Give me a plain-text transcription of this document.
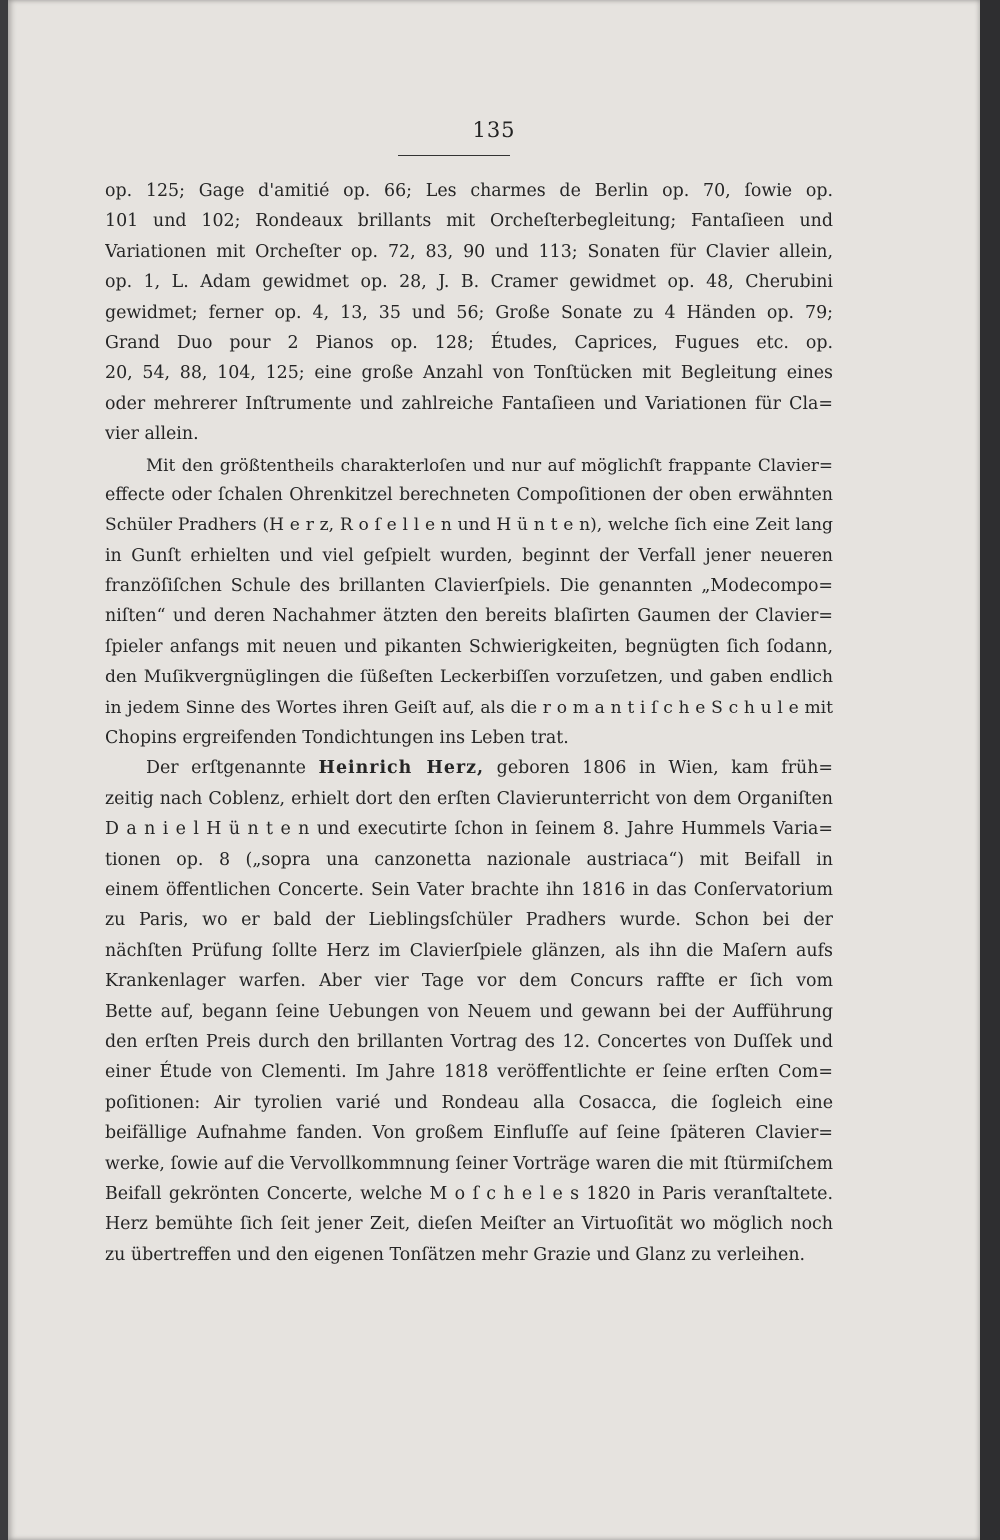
135
op. 125; Gage d'amitié op. 66; Les charmes de Berlin op. 70, ſowie op.
101 und 102; Rondeaux brillants mit Orcheſterbegleitung; Fantaſieen und
Variationen mit Orcheſter op. 72, 83, 90 und 113; Sonaten für Clavier allein,
op. 1, L. Adam gewidmet op. 28, J. B. Cramer gewidmet op. 48, Cherubini
gewidmet; ferner op. 4, 13, 35 und 56; Große Sonate zu 4 Händen op. 79;
Grand Duo pour 2 Pianos op. 128; Études, Caprices, Fugues etc. op.
20, 54, 88, 104, 125; eine große Anzahl von Tonſtücken mit Begleitung eines
oder mehrerer Inſtrumente und zahlreiche Fantaſieen und Variationen für Cla=
vier allein.
Mit den größtentheils charakterloſen und nur auf möglichſt frappante Clavier=
effecte oder ſchalen Ohrenkitzel berechneten Compoſitionen der oben erwähnten
Schüler Pradhers (H e r z, R o ſ e l l e n und H ü n t e n), welche ſich eine Zeit lang
in Gunſt erhielten und viel geſpielt wurden, beginnt der Verfall jener neueren
franzöſiſchen Schule des brillanten Clavierſpiels. Die genannten „Modecompo=
niſten“ und deren Nachahmer ätzten den bereits blaſirten Gaumen der Clavier=
ſpieler anfangs mit neuen und pikanten Schwierigkeiten, begnügten ſich ſodann,
den Muſikvergnüglingen die ſüßeſten Leckerbiſſen vorzuſetzen, und gaben endlich
in jedem Sinne des Wortes ihren Geiſt auf, als die r o m a n t i ſ c h e S c h u l e mit
Chopins ergreifenden Tondichtungen ins Leben trat.
Der erſtgenannte Heinrich Herz, geboren 1806 in Wien, kam früh=
zeitig nach Coblenz, erhielt dort den erſten Clavierunterricht von dem Organiſten
D a n i e l H ü n t e n und executirte ſchon in ſeinem 8. Jahre Hummels Varia=
tionen op. 8 („sopra una canzonetta nazionale austriaca“) mit Beifall in
einem öffentlichen Concerte. Sein Vater brachte ihn 1816 in das Conſervatorium
zu Paris, wo er bald der Lieblingsſchüler Pradhers wurde. Schon bei der
nächſten Prüfung ſollte Herz im Clavierſpiele glänzen, als ihn die Maſern aufs
Krankenlager warfen. Aber vier Tage vor dem Concurs raffte er ſich vom
Bette auf, begann ſeine Uebungen von Neuem und gewann bei der Aufführung
den erſten Preis durch den brillanten Vortrag des 12. Concertes von Duſſek und
einer Étude von Clementi. Im Jahre 1818 veröffentlichte er ſeine erſten Com=
poſitionen: Air tyrolien varié und Rondeau alla Cosacca, die ſogleich eine
beifällige Aufnahme fanden. Von großem Einfluſſe auf ſeine ſpäteren Clavier=
werke, ſowie auf die Vervollkommnung ſeiner Vorträge waren die mit ſtürmiſchem
Beifall gekrönten Concerte, welche M o ſ c h e l e s 1820 in Paris veranſtaltete.
Herz bemühte ſich ſeit jener Zeit, dieſen Meiſter an Virtuoſität wo möglich noch
zu übertreffen und den eigenen Tonſätzen mehr Grazie und Glanz zu verleihen.
